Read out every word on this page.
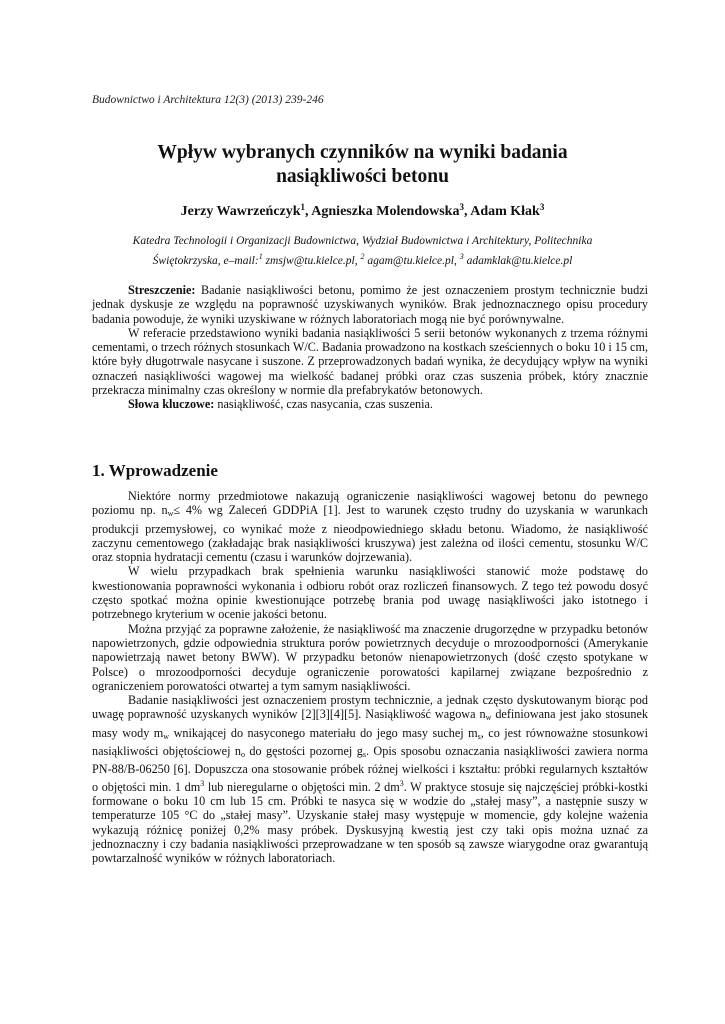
Budownictwo i Architektura 12(3) (2013) 239-246
Wpływ wybranych czynników na wyniki badania
nasiąkliwości betonu
Jerzy Wawrzeńczyk$^1$, Agnieszka Molendowska$^3$, Adam Kłak$^3$
Katedra Technologii i Organizacji Budownictwa, Wydział Budownictwa i Architektury, Politechnika
Świętokrzyska, e–mail:$^1$ zmsjw@tu.kielce.pl, $^2$ agam@tu.kielce.pl, $^3$ adamklak@tu.kielce.pl

Streszczenie: Badanie nasiąkliwości betonu, pomimo że jest oznaczeniem prostym technicznie budzi jednak dyskusje ze względu na poprawność uzyskiwanych wyników. Brak jednoznacznego opisu procedury badania powoduje, że wyniki uzyskiwane w różnych laboratoriach mogą nie być porównywalne.

W referacie przedstawiono wyniki badania nasiąkliwości 5 serii betonów wykonanych z trzema różnymi cementami, o trzech różnych stosunkach W/C. Badania prowadzono na kostkach sześciennych o boku 10 i 15 cm, które były długotrwale nasycane i suszone. Z przeprowadzonych badań wynika, że decydujący wpływ na wyniki oznaczeń nasiąkliwości wagowej ma wielkość badanej próbki oraz czas suszenia próbek, który znacznie przekracza minimalny czas określony w normie dla prefabrykatów betonowych.

Słowa kluczowe: nasiąkliwość, czas nasycania, czas suszenia.

1. Wprowadzenie

Niektóre normy przedmiotowe nakazują ograniczenie nasiąkliwości wagowej betonu do pewnego poziomu np. $n_w\le 4\%$ wg Zaleceń GDDPiA [1]. Jest to warunek często trudny do uzyskania w warunkach produkcji przemysłowej, co wynikać może z nieodpowiedniego składu betonu. Wiadomo, że nasiąkliwość zaczynu cementowego (zakładając brak nasiąkliwości kruszywa) jest zależna od ilości cementu, stosunku W/C oraz stopnia hydratacji cementu (czasu i warunków dojrzewania).

W wielu przypadkach brak spełnienia warunku nasiąkliwości stanowić może podstawę do kwestionowania poprawności wykonania i odbioru robót oraz rozliczeń finansowych. Z tego też powodu dosyć często spotkać można opinie kwestionujące potrzebę brania pod uwagę nasiąkliwości jako istotnego i potrzebnego kryterium w ocenie jakości betonu.

Można przyjąć za poprawne założenie, że nasiąkliwość ma znaczenie drugorzędne w przypadku betonów napowietrzonych, gdzie odpowiednia struktura porów powietrznych decyduje o mrozoodporności (Amerykanie napowietrzają nawet betony BWW). W przypadku betonów nienapowietrzonych (dość często spotykane w Polsce) o mrozoodporności decyduje ograniczenie porowatości kapilarnej związane bezpośrednio z ograniczeniem porowatości otwartej a tym samym nasiąkliwości.

Badanie nasiąkliwości jest oznaczeniem prostym technicznie, a jednak często dyskutowanym biorąc pod uwagę poprawność uzyskanych wyników [2][3][4][5]. Nasiąkliwość wagowa $n_w$ definiowana jest jako stosunek masy wody $m_w$ wnikającej do nasyconego materiału do jego masy suchej $m_s$, co jest równoważne stosunkowi nasiąkliwości objętościowej $n_o$ do gęstości pozornej $g_s$. Opis sposobu oznaczania nasiąkliwości zawiera norma PN-88/B-06250 [6]. Dopuszcza ona stosowanie próbek różnej wielkości i kształtu: próbki regularnych kształtów o objętości min. 1 $dm^3$ lub nieregularne o objętości min. 2 $dm^3$. W praktyce stosuje się najczęściej próbki-kostki formowane o boku 10 cm lub 15 cm. Próbki te nasyca się w wodzie do „stałej masy”, a następnie suszy w temperaturze 105 °C do „stałej masy”. Uzyskanie stałej masy występuje w momencie, gdy kolejne ważenia wykazują różnicę poniżej 0,2% masy próbek. Dyskusyjną kwestią jest czy taki opis można uznać za jednoznaczny i czy badania nasiąkliwości przeprowadzane w ten sposób są zawsze wiarygodne oraz gwarantują powtarzalność wyników w różnych laboratoriach.
